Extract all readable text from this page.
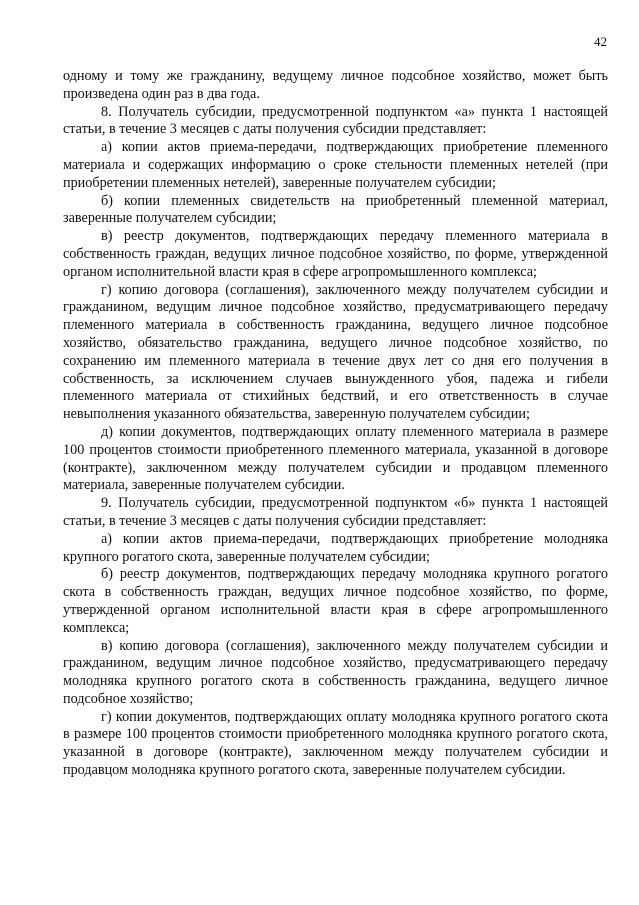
42

одному и тому же гражданину, ведущему личное подсобное хозяйство, может быть произведена один раз в два года.

8. Получатель субсидии, предусмотренной подпунктом «а» пункта 1 настоящей статьи, в течение 3 месяцев с даты получения субсидии представляет:

а) копии актов приема-передачи, подтверждающих приобретение племенного материала и содержащих информацию о сроке стельности племенных нетелей (при приобретении племенных нетелей), заверенные получателем субсидии;

б) копии племенных свидетельств на приобретенный племенной материал, заверенные получателем субсидии;

в) реестр документов, подтверждающих передачу племенного материала в собственность граждан, ведущих личное подсобное хозяйство, по форме, утвержденной органом исполнительной власти края в сфере агропромышленного комплекса;

г) копию договора (соглашения), заключенного между получателем субсидии и гражданином, ведущим личное подсобное хозяйство, предусматривающего передачу племенного материала в собственность гражданина, ведущего личное подсобное хозяйство, обязательство гражданина, ведущего личное подсобное хозяйство, по сохранению им племенного материала в течение двух лет со дня его получения в собственность, за исключением случаев вынужденного убоя, падежа и гибели племенного материала от стихийных бедствий, и его ответственность в случае невыполнения указанного обязательства, заверенную получателем субсидии;

д) копии документов, подтверждающих оплату племенного материала в размере 100 процентов стоимости приобретенного племенного материала, указанной в договоре (контракте), заключенном между получателем субсидии и продавцом племенного материала, заверенные получателем субсидии.

9. Получатель субсидии, предусмотренной подпунктом «б» пункта 1 настоящей статьи, в течение 3 месяцев с даты получения субсидии представляет:

а) копии актов приема-передачи, подтверждающих приобретение молодняка крупного рогатого скота, заверенные получателем субсидии;

б) реестр документов, подтверждающих передачу молодняка крупного рогатого скота в собственность граждан, ведущих личное подсобное хозяйство, по форме, утвержденной органом исполнительной власти края в сфере агропромышленного комплекса;

в) копию договора (соглашения), заключенного между получателем субсидии и гражданином, ведущим личное подсобное хозяйство, предусматривающего передачу молодняка крупного рогатого скота в собственность гражданина, ведущего личное подсобное хозяйство;

г) копии документов, подтверждающих оплату молодняка крупного рогатого скота в размере 100 процентов стоимости приобретенного молодняка крупного рогатого скота, указанной в договоре (контракте), заключенном между получателем субсидии и продавцом молодняка крупного рогатого скота, заверенные получателем субсидии.
